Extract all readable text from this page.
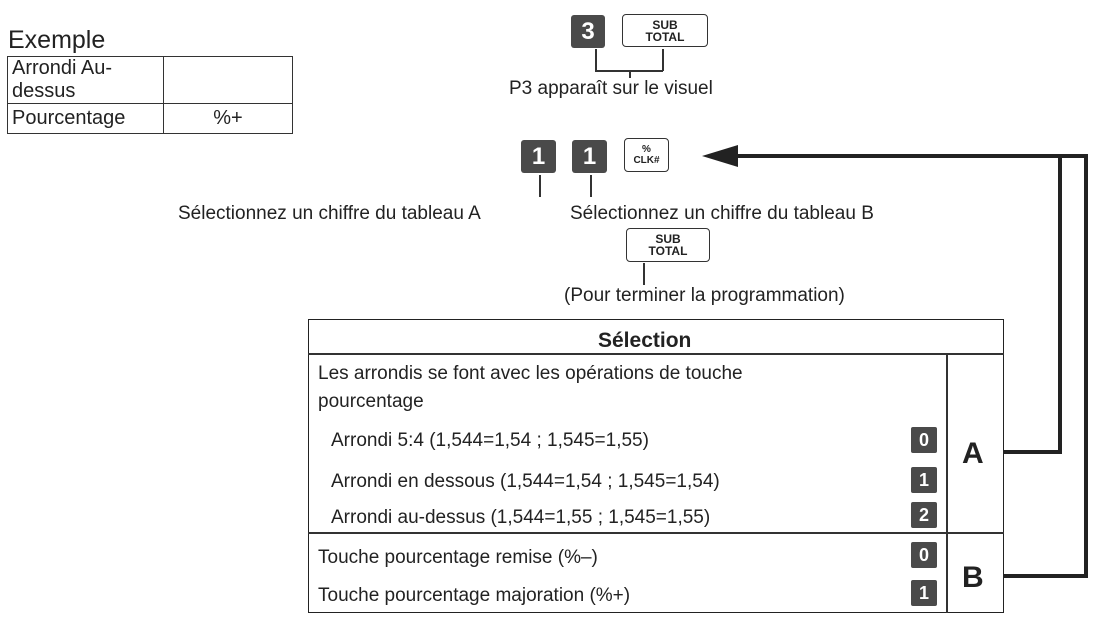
Exemple
Arrondi Au-dessus	
Pourcentage	%+
3	SUB
TOTAL
P3 apparaît sur le visuel
1	1	%
CLK#
Sélectionnez un chiffre du tableau A	Sélectionnez un chiffre du tableau B
SUB
TOTAL
(Pour terminer la programmation)
Sélection
Les arrondis se font avec les opérations de touche
pourcentage
Arrondi 5:4 (1,544=1,54 ; 1,545=1,55)	0
Arrondi en dessous (1,544=1,54 ; 1,545=1,54)	1
Arrondi au-dessus (1,544=1,55 ; 1,545=1,55)	2
A
Touche pourcentage remise (%–)	0
Touche pourcentage majoration (%+)	1 B
